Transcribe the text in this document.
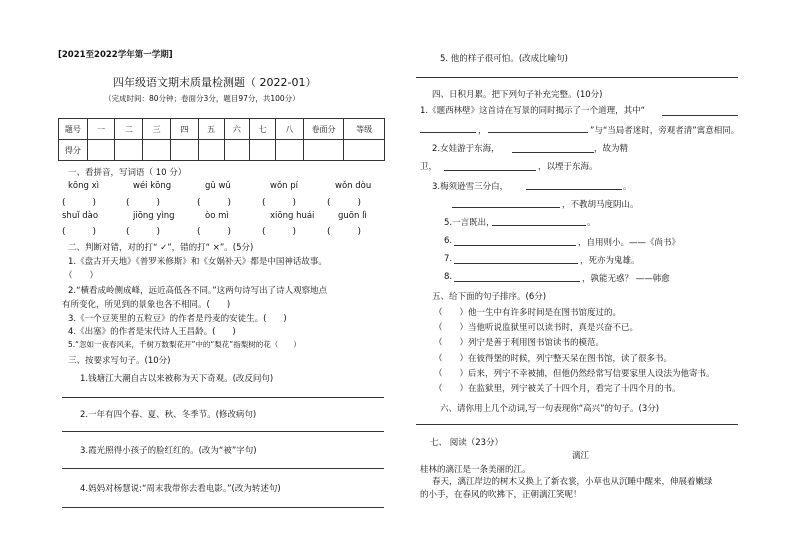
[2021至2022学年第一学期]
四年级语文期末质量检测题（ 2022-01）
（完成时间：80分钟；卷面分3分，题目97分，共100分）
题号	一	二	三	四	五	六	七	八	卷面分	等级
得分										
一、看拼音，写词语（ 10 分）
kōng xì	wéi kōng	gǔ wǔ	wǒn pí	wǒn dòu
(　　　)	(　　　)	(　　　)	(　　　)	(　　　)
shuǐ dào	jiōng yìng	òo mì	xiōng huái	guōn lì
(　　　)	(　　　)	(　　　)	(　　　)	(　　　)
二、判断对错，对的打“ ✓”，错的打“ ×”。(5分)
1.《盘古开天地》《普罗米修斯》和《女娲补天》都是中国神话故事。
（　　）
2.“横看成岭侧成峰，远近高低各不同。”这两句诗写出了诗人观察地点
有所变化，所见到的景象也各不相同。(　　)
3.《一个豆荚里的五粒豆》的作者是丹麦的安徒生。(　　)
4.《出塞》的作者是宋代诗人王昌龄。(　　)
5.“忽如一夜春风来，千树万数梨花开”中的“梨花”指梨树的花（　　）
三、按要求写句子。(10分)
1.钱塘江大潮自古以来被称为天下奇观。(改反问句)
2.一年有四个春、夏、秋、冬季节。(修改病句)
3.霞光照得小孩子的脸红红的。(改为“被”字句)
4.妈妈对杨慧说:“周末我带你去看电影。”(改为转述句)
5. 他的样子很可怕。(改成比喻句)
四、日积月累。把下列句子补充完整。(10分)
1.《题西林壁》这首诗在写景的同时揭示了一个道理，其中“
，	”与“当局者迷时，旁观者清”寓意相同。
2.女娃游于东海，	，故为精
卫，	，以堙于东海。
3.梅须逊雪三分白，	。
，不教胡马度阴山。
5.一言既出，	。
6.	，自用则小。——《尚书》
7.	，死亦为鬼雄。
8.	，孰能无惑？ ——韩愈
五、给下面的句子排序。(6分)
（　　）他一生中有许多时间是在图书馆度过的。
（　　）当他听说监狱里可以读书时，真是兴奋不已。
（　　）列宁是善于利用图书馆读书的模范。
（　　）在彼得堡的时候，列宁整天呆在图书馆，读了很多书。
（　　）后来，列宁不幸被捕，但他仍然经常写信要家里人设法为他寄书。
（　　）在监狱里，列宁被关了十四个月，看完了十四个月的书。
六、请你用上几个动词,写一句表现你“高兴”的句子。(3分)
七、 阅读（23分）
漓江
桂林的漓江是一条美丽的江。
春天，漓江岸边的树木又换上了新衣裳，小草也从沉睡中醒来，伸展着嫩绿
的小手，在春风的吹拂下，正朝漓江笑呢！
